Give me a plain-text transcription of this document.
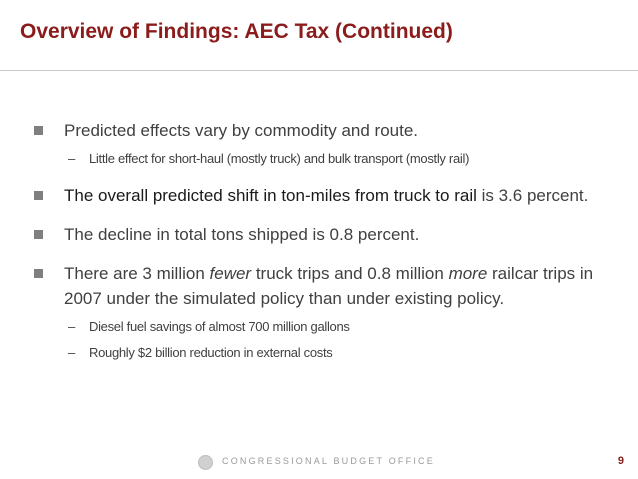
Overview of Findings: AEC Tax (Continued)
Predicted effects vary by commodity and route.
– Little effect for short-haul (mostly truck) and bulk transport (mostly rail)
The overall predicted shift in ton-miles from truck to rail is 3.6 percent.
The decline in total tons shipped is 0.8 percent.
There are 3 million fewer truck trips and 0.8 million more railcar trips in 2007 under the simulated policy than under existing policy.
– Diesel fuel savings of almost 700 million gallons
– Roughly $2 billion reduction in external costs
CONGRESSIONAL BUDGET OFFICE	9
